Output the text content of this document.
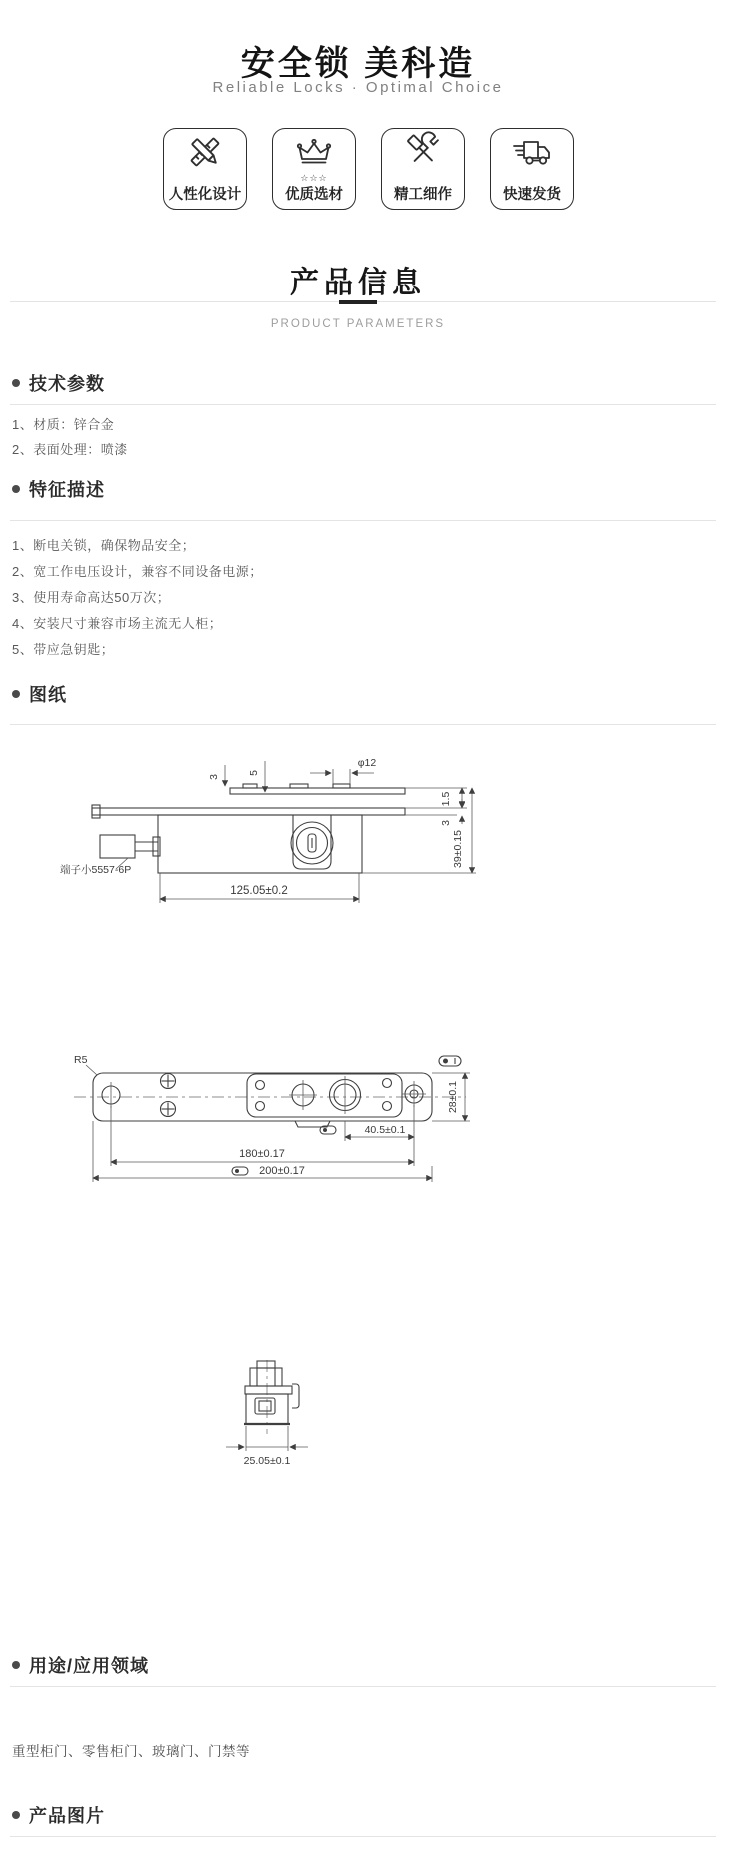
安全锁 美科造
Reliable Locks · Optimal Choice
人性化设计
☆☆☆
优质选材	精工细作	快速发货
产品信息
PRODUCT PARAMETERS
技术参数
1、材质：锌合金
2、表面处理：喷漆
特征描述
1、断电关锁，确保物品安全；
2、宽工作电压设计，兼容不同设备电源；
3、使用寿命高达50万次；
4、安装尺寸兼容市场主流无人柜；
5、带应急钥匙；
图纸
端子小5557-6P
φ12
3
5
1.5
3
39±0.15
125.05±0.2
R5
28±0.1
40.5±0.1
180±0.17
200±0.17
25.05±0.1
用途/应用领域
重型柜门、零售柜门、玻璃门、门禁等
产品图片
